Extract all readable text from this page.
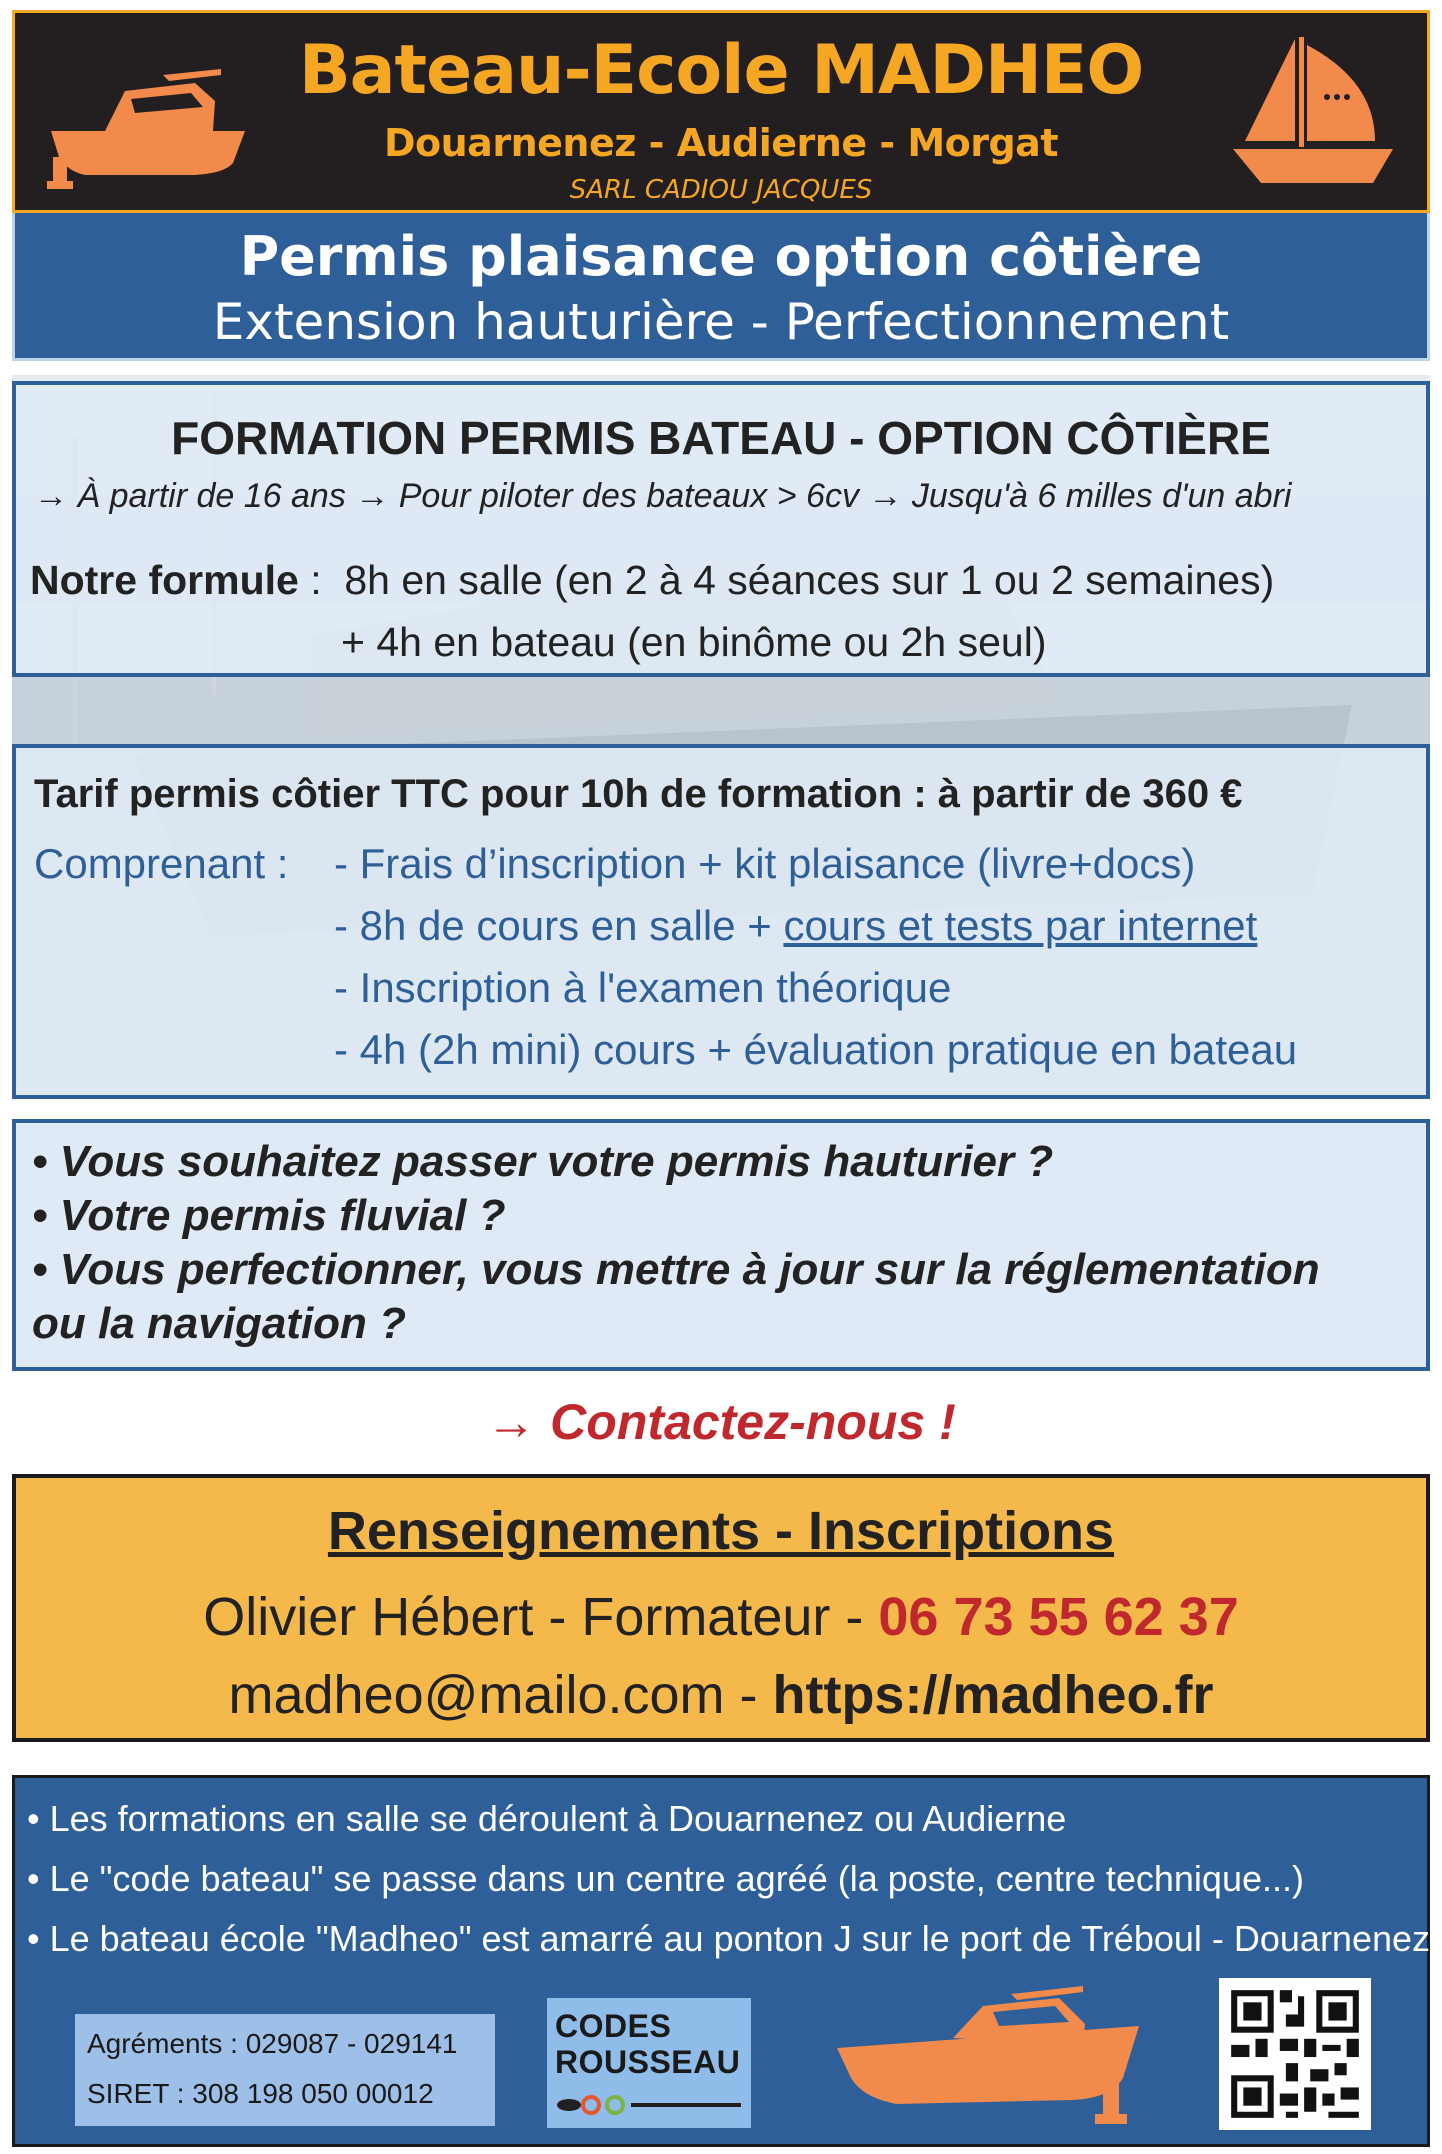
Bateau-Ecole MADHEO
Douarnenez - Audierne - Morgat
SARL CADIOU JACQUES
Permis plaisance option côtière
Extension hauturière - Perfectionnement
FORMATION PERMIS BATEAU - OPTION CÔTIÈRE
→ À partir de 16 ans → Pour piloter des bateaux > 6cv → Jusqu'à 6 milles d'un abri
Notre formule :  8h en salle (en 2 à 4 séances sur 1 ou 2 semaines)
+ 4h en bateau (en binôme ou 2h seul)
Tarif permis côtier TTC pour 10h de formation : à partir de 360 €
Comprenant : - Frais d’inscription + kit plaisance (livre+docs)
- 8h de cours en salle + cours et tests par internet
- Inscription à l'examen théorique
- 4h (2h mini) cours + évaluation pratique en bateau
• Vous souhaitez passer votre permis hauturier ?
• Votre permis fluvial ?
• Vous perfectionner, vous mettre à jour sur la réglementation
ou la navigation ?
→ Contactez-nous !
Renseignements - Inscriptions
Olivier Hébert - Formateur - 06 73 55 62 37
madheo@mailo.com - https://madheo.fr
• Les formations en salle se déroulent à Douarnenez ou Audierne
• Le "code bateau" se passe dans un centre agréé (la poste, centre technique...)
• Le bateau école "Madheo" est amarré au ponton J sur le port de Tréboul - Douarnenez
Agréments : 029087 - 029141
SIRET : 308 198 050 00012
CODES
ROUSSEAU
